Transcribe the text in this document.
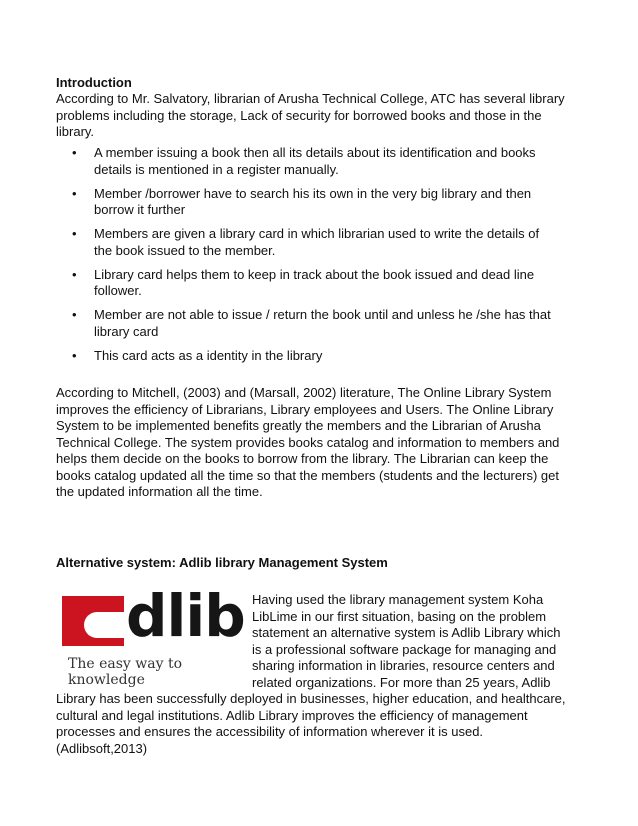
Introduction
According to Mr. Salvatory, librarian of Arusha Technical College, ATC has several library problems including the storage, Lack of security for borrowed books and those in the library.
• A member issuing a book then all its details about its identification and books details is mentioned in a register manually.
• Member /borrower have to search his its own in the very big library and then borrow it further
• Members are given a library card in which librarian used to write the details of the book issued to the member.
• Library card helps them to keep in track about the book issued and dead line follower.
• Member are not able to issue / return the book until and unless he /she has that library card
• This card acts as a identity in the library
According to Mitchell, (2003) and (Marsall, 2002) literature, The Online Library System improves the efficiency of Librarians, Library employees and Users. The Online Library System to be implemented benefits greatly the members and the Librarian of Arusha Technical College. The system provides books catalog and information to members and helps them decide on the books to borrow from the library. The Librarian can keep the books catalog updated all the time so that the members (students and the lecturers) get the updated information all the time.
Alternative system: Adlib library Management System
dlib
The easy way to knowledge
Having used the library management system Koha LibLime in our first situation, basing on the problem statement an alternative system is Adlib Library which is a professional software package for managing and sharing information in libraries, resource centers and related organizations. For more than 25 years, Adlib
Library has been successfully deployed in businesses, higher education, and healthcare, cultural and legal institutions. Adlib Library improves the efficiency of management processes and ensures the accessibility of information wherever it is used. (Adlibsoft,2013)
